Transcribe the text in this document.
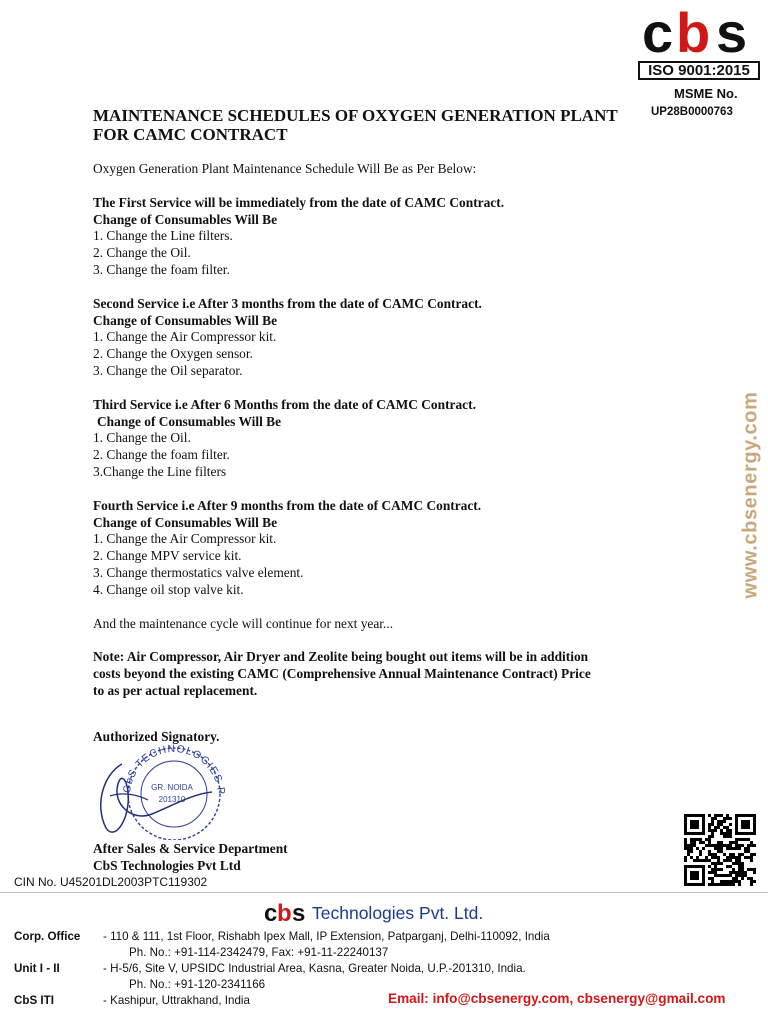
c b s
ISO 9001:2015
MSME No.
UP28B0000763
MAINTENANCE SCHEDULES OF OXYGEN GENERATION PLANT
FOR CAMC CONTRACT

Oxygen Generation Plant Maintenance Schedule Will Be as Per Below:

The First Service will be immediately from the date of CAMC Contract.

Change of Consumables Will Be

1. Change the Line filters.
2. Change the Oil.
3. Change the foam filter.

Second Service i.e After 3 months from the date of CAMC Contract.

Change of Consumables Will Be

1. Change the Air Compressor kit.
2. Change the Oxygen sensor.
3. Change the Oil separator.

Third Service i.e After 6 Months from the date of CAMC Contract.

Change of Consumables Will Be

1. Change the Oil.
2. Change the foam filter.
3.Change the Line filters

Fourth Service i.e After 9 months from the date of CAMC Contract.

Change of Consumables Will Be

1. Change the Air Compressor kit.
2. Change MPV service kit.
3. Change thermostatics valve element.
4. Change oil stop valve kit.

And the maintenance cycle will continue for next year...

Note: Air Compressor, Air Dryer and Zeolite being bought out items will be in addition

costs beyond the existing CAMC (Comprehensive Annual Maintenance Contract) Price

to as per actual replacement.

Authorized Signatory.
CbS TECHNOLOGIES P
GR. NOIDA
201310

After Sales & Service Department

CbS Technologies Pvt Ltd

CIN No. U45201DL2003PTC119302
c b s Technologies Pvt. Ltd.
Corp. Office	- 110 & 111, 1st Floor, Rishabh Ipex Mall, IP Extension, Patparganj, Delhi-110092, India
Ph. No.: +91-114-2342479, Fax: +91-11-22240137
Unit I - II	- H-5/6, Site V, UPSIDC Industrial Area, Kasna, Greater Noida, U.P.-201310, India.
Ph. No.: +91-120-2341166
CbS ITI	- Kashipur, Uttrakhand, India	Email: info@cbsenergy.com, cbsenergy@gmail.com
www.cbsenergy.com
